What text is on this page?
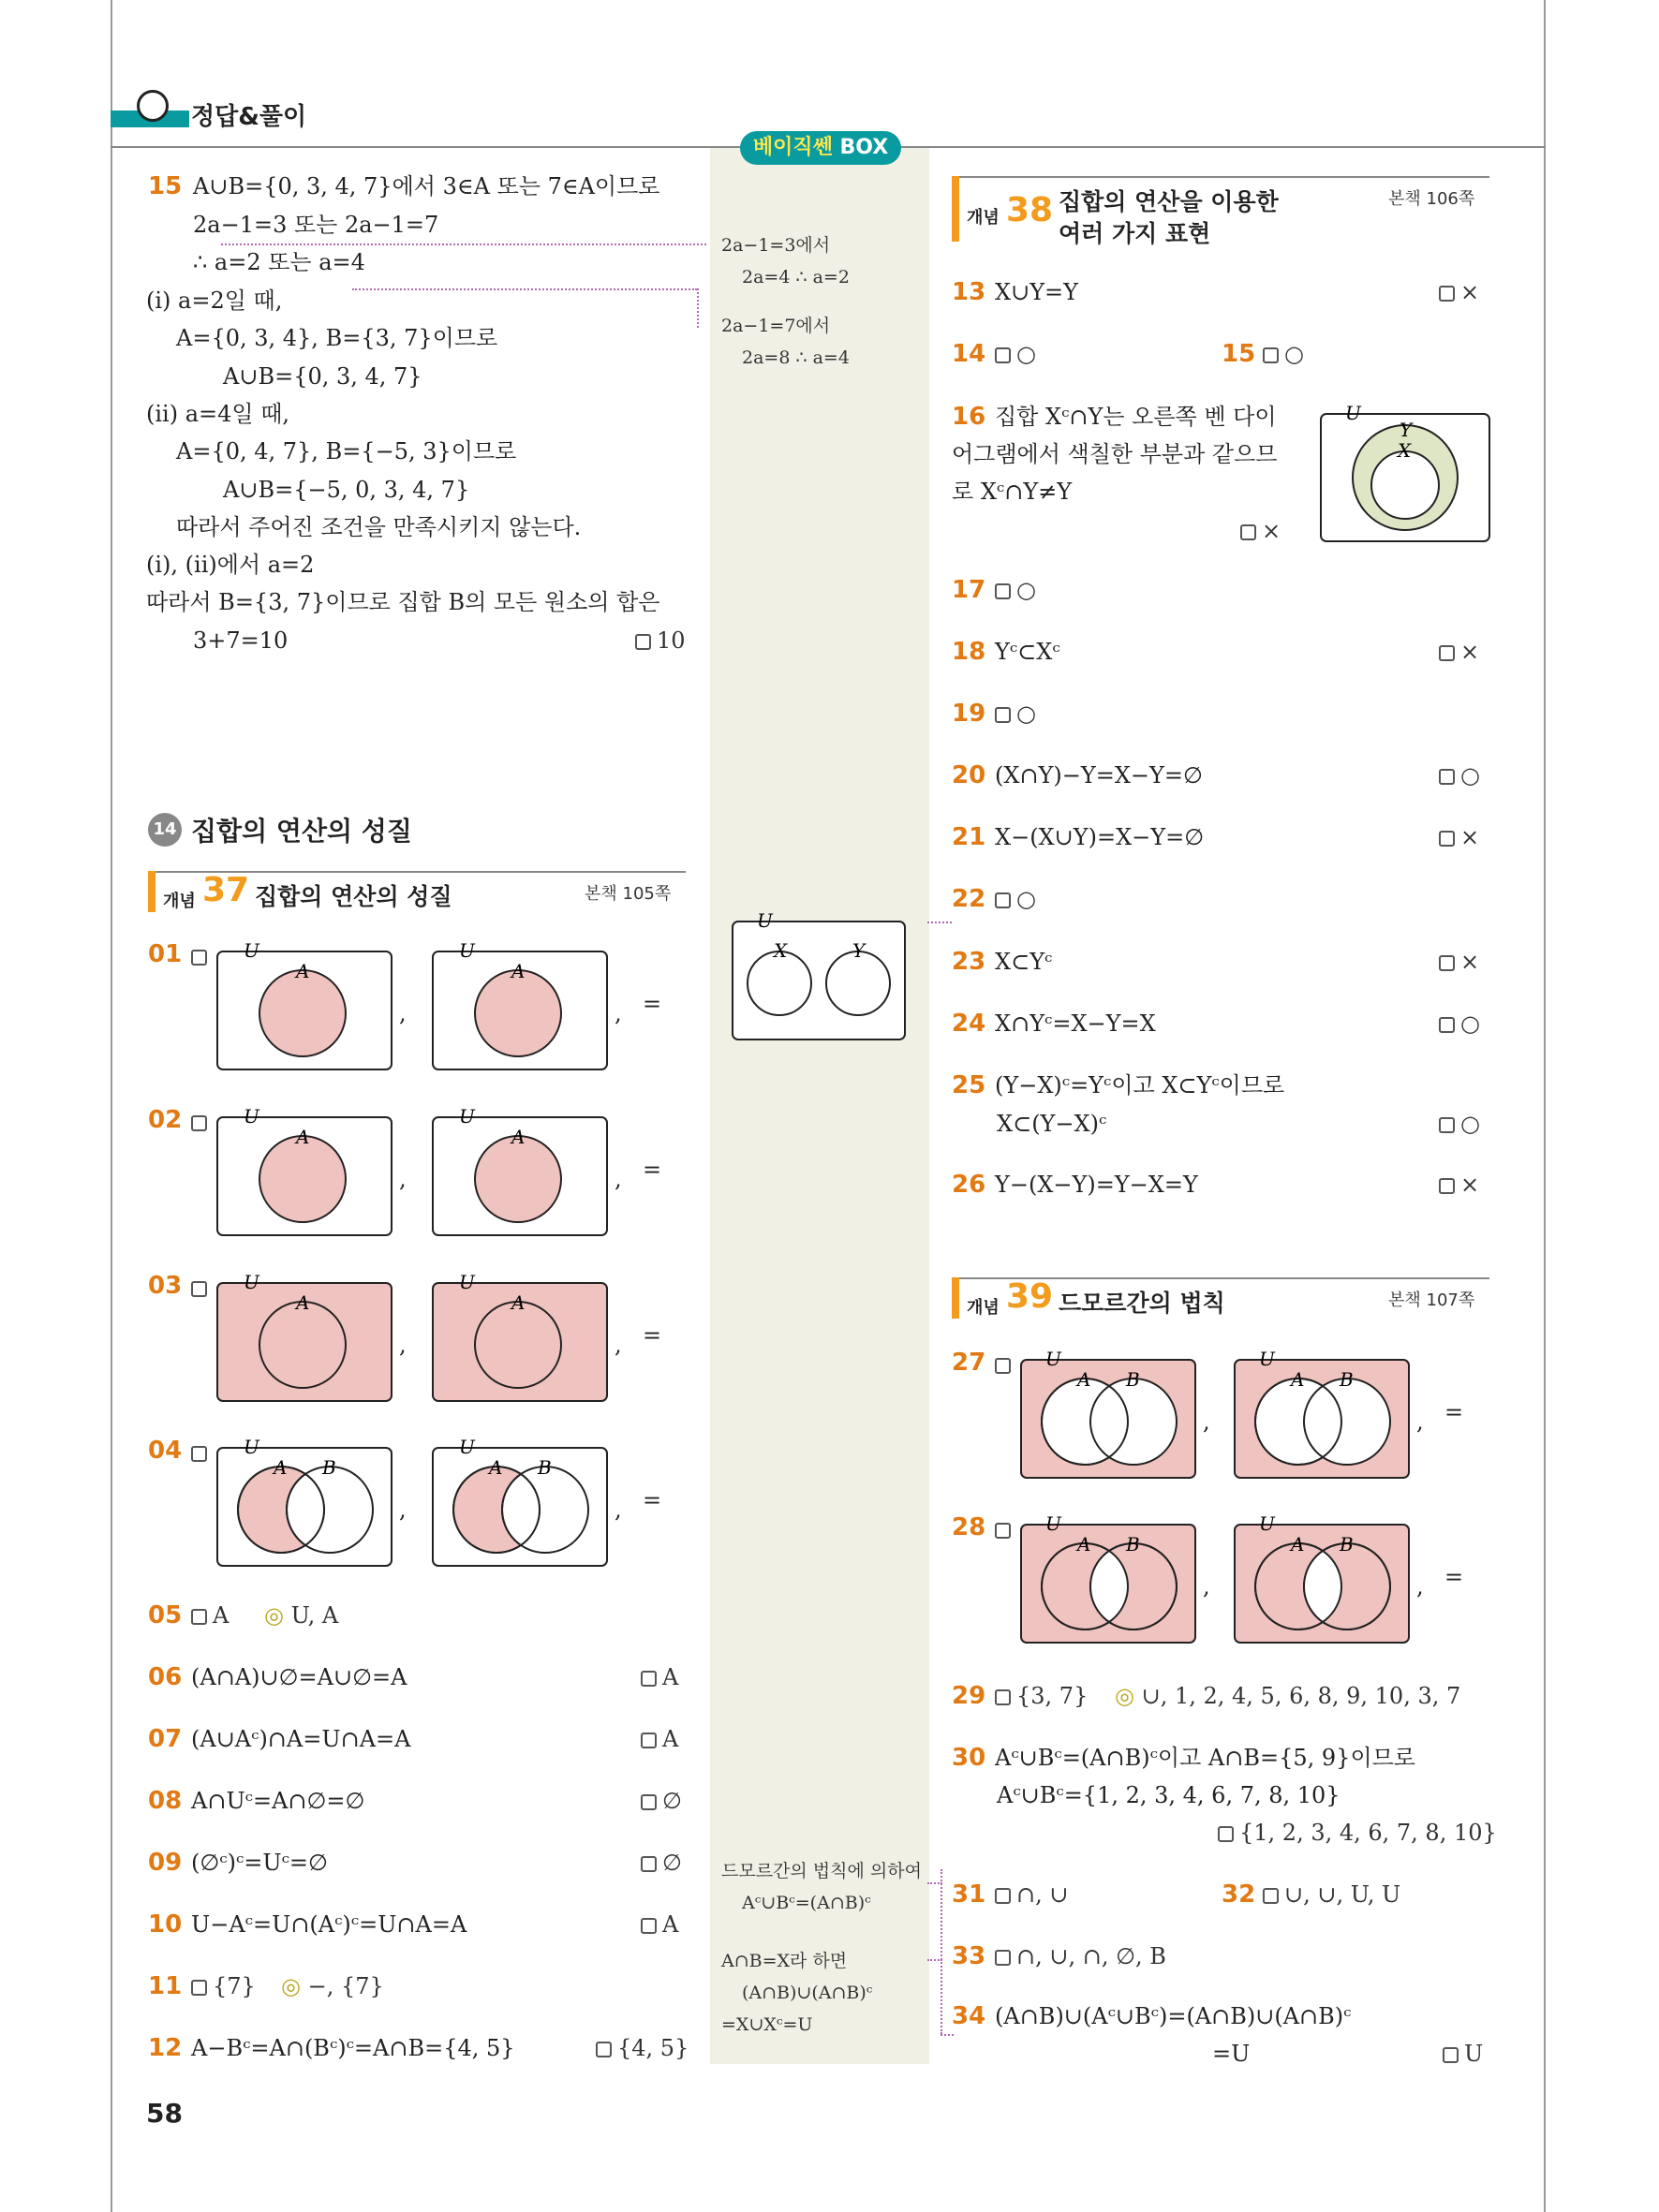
정답&풀이
베이직쎈 BOX
15 A∪B={0, 3, 4, 7}에서 3∈A 또는 7∈A이므로
2a−1=3 또는 2a−1=7
∴ a=2 또는 a=4
(i) a=2일 때,
A={0, 3, 4}, B={3, 7}이므로
A∪B={0, 3, 4, 7}
(ii) a=4일 때,
A={0, 4, 7}, B={−5, 3}이므로
A∪B={−5, 0, 3, 4, 7}
따라서 주어진 조건을 만족시키지 않는다.
(i), (ii)에서 a=2
따라서 B={3, 7}이므로 집합 B의 모든 원소의 합은
3+7=10	10
2a−1=3에서
2a=4 ∴ a=2
2a−1=7에서
2a=8 ∴ a=4
14 집합의 연산의 성질
개념 37 집합의 연산의 성질	본책 105쪽
01
02
03
04
U
A
U
A
U
A
U
A
U
A
U
A
U
A B
U
A B
U
X	Y
U
Y
X
U
A B
U
A B
U
A B
U
A B
,	, =
,	, =
,	, =
,	, =
05	A ◎ U, A
06 (A∩A)∪∅=A∪∅=A	A
07 (A∪Aᶜ)∩A=U∩A=A	A
08 A∩Uᶜ=A∩∅=∅	∅
09 (∅ᶜ)ᶜ=Uᶜ=∅	∅
10 U−Aᶜ=U∩(Aᶜ)ᶜ=U∩A=A	A
11	{7} ◎ −, {7}
12 A−Bᶜ=A∩(Bᶜ)ᶜ=A∩B={4, 5}	{4, 5}
드모르간의 법칙에 의하여
Aᶜ∪Bᶜ=(A∩B)ᶜ
A∩B=X라 하면
(A∩B)∪(A∩B)ᶜ
=X∪Xᶜ=U
58
개념 38 집합의 연산을 이용한
여러 가지 표현
본책 106쪽
13 X∪Y=Y	×
14	○	15	○
16 집합 Xᶜ∩Y는 오른쪽 벤 다이
어그램에서 색칠한 부분과 같으므
로 Xᶜ∩Y≠Y
×
17	○
18 Yᶜ⊂Xᶜ	×
19	○
20 (X∩Y)−Y=X−Y=∅	○
21 X−(X∪Y)=X−Y=∅	×
22	○
23 X⊂Yᶜ	×
24 X∩Yᶜ=X−Y=X	○
25 (Y−X)ᶜ=Yᶜ이고 X⊂Yᶜ이므로
X⊂(Y−X)ᶜ	○
26 Y−(X−Y)=Y−X=Y	×
개념 39 드모르간의 법칙	본책 107쪽
27
,	, =
28
,	, =
29	{3, 7} ◎ ∪, 1, 2, 4, 5, 6, 8, 9, 10, 3, 7
30 Aᶜ∪Bᶜ=(A∩B)ᶜ이고 A∩B={5, 9}이므로
Aᶜ∪Bᶜ={1, 2, 3, 4, 6, 7, 8, 10}
{1, 2, 3, 4, 6, 7, 8, 10}
31	∩, ∪	32	∪, ∪, U, U
33	∩, ∪, ∩, ∅, B
34 (A∩B)∪(Aᶜ∪Bᶜ)=(A∩B)∪(A∩B)ᶜ
=U	U
